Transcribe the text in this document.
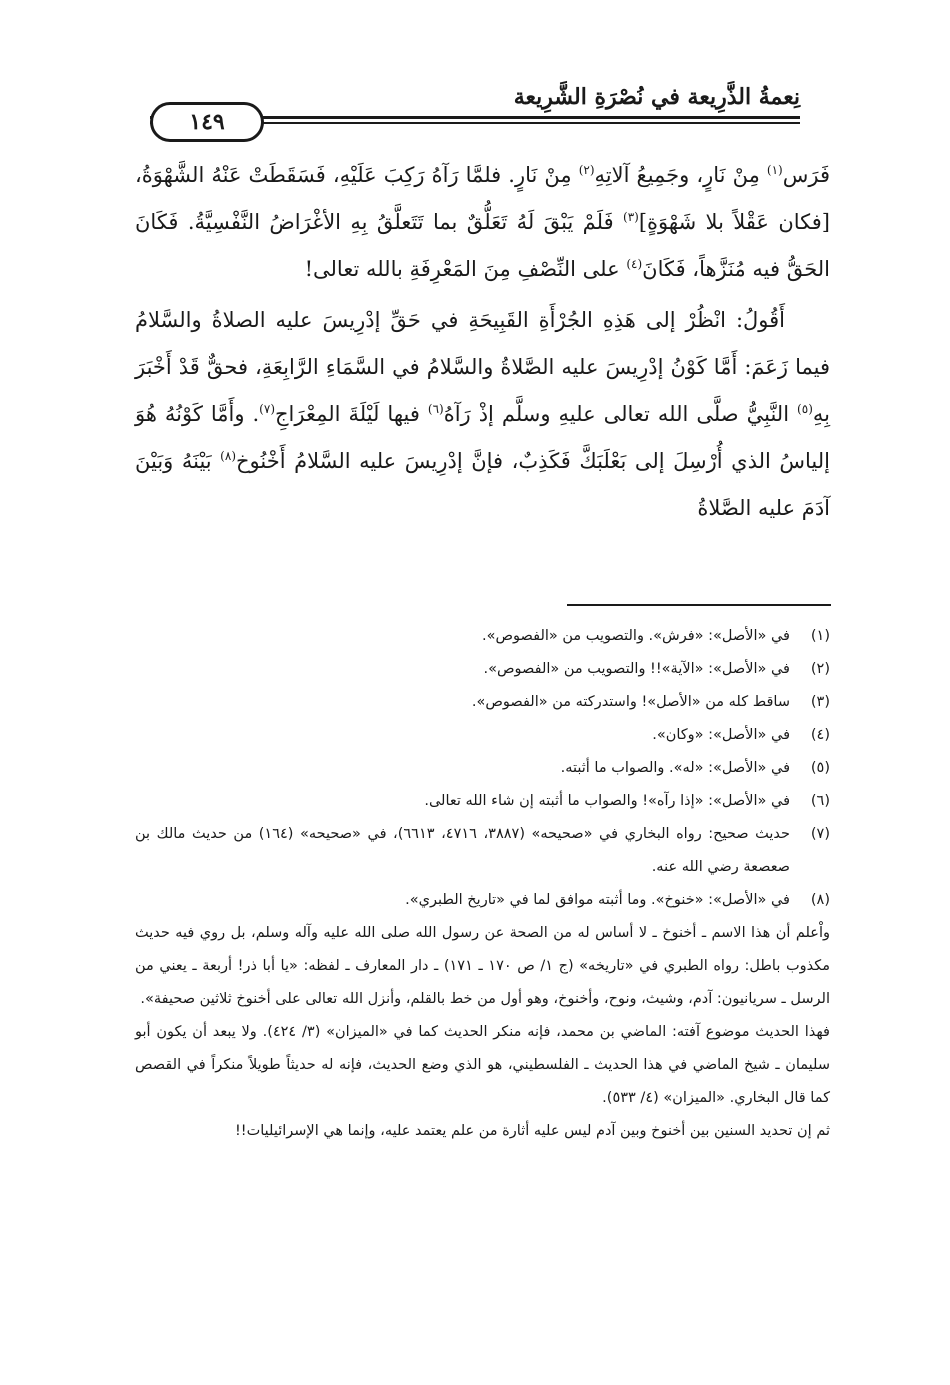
نِعمةُ الذَّرِيعة في نُصْرَةِ الشَّرِيعة
١٤٩

فَرَس$^{(١)}$ مِنْ نَارٍ، وجَمِيعُ آلاتِهِ$^{(٢)}$ مِنْ نَارٍ. فلمَّا رَآهُ رَكِبَ عَلَيْهِ، فَسَقَطَتْ عَنْهُ الشَّهْوَةُ، [فكان عَقْلاً بلا شَهْوَةٍ]$^{(٣)}$ فَلَمْ يَبْقَ لَهُ تَعَلُّقٌ بما تَتَعلَّقُ بِهِ الأغْرَاضُ النَّفْسِيَّةُ. فَكَانَ الحَقُّ فيه مُنَزَّهاً، فَكَانَ$^{(٤)}$ على النِّصْفِ مِنَ المَعْرِفَةِ بالله تعالى!

أَقُولُ: انْظُرْ إلى هَذِهِ الجُرْأَةِ القَبِيحَةِ في حَقِّ إدْرِيسَ عليه الصلاةُ والسَّلامُ فيما زَعَمَ: أَمَّا كَوْنُ إدْرِيسَ عليه الصَّلاةُ والسَّلامُ في السَّمَاءِ الرَّابِعَةِ، فحقٌّ قَدْ أَخْبَرَ بِهِ$^{(٥)}$ النَّبِيُّ صلَّى الله تعالى عليهِ وسلَّم إذْ رَآهُ$^{(٦)}$ فيها لَيْلَةَ المِعْرَاجِ$^{(٧)}$. وأَمَّا كَوْنُهُ هُوَ إلياسُ الذي أُرْسِلَ إلى بَعْلَبَكَّ فَكَذِبٌ، فإنَّ إدْرِيسَ عليه السَّلامُ أَخْنُوخ$^{(٨)}$ بَيْنَهُ وَبَيْنَ آدَمَ عليه الصَّلاةُ

(١)
في «الأصل»: «فرش». والتصويب من «الفصوص».
(٢)
في «الأصل»: «الآية»!! والتصويب من «الفصوص».
(٣)
ساقط كله من «الأصل»! واستدركته من «الفصوص».
(٤)
في «الأصل»: «وكان».
(٥)
في «الأصل»: «له». والصواب ما أثبته.
(٦)
في «الأصل»: «إذا رآه»! والصواب ما أثبته إن شاء الله تعالى.
(٧)
حديث صحيح: رواه البخاري في «صحيحه» (٣٨٨٧، ٤٧١٦، ٦٦١٣)، في «صحيحه» (١٦٤) من حديث مالك بن صعصعة رضي الله عنه.
(٨)
في «الأصل»: «خنوخ». وما أثبته موافق لما في «تاريخ الطبري».
واْعلم أن هذا الاسم ـ أخنوخ ـ لا أساس له من الصحة عن رسول الله صلى الله عليه وآله وسلم، بل روي فيه حديث مكذوب باطل: رواه الطبري في «تاريخه» (ج ١/ ص ١٧٠ ـ ١٧١) ـ دار المعارف ـ لفظه: «يا أبا ذر! أربعة ـ يعني من الرسل ـ سريانيون: آدم، وشيث، ونوح، وأخنوخ، وهو أول من خط بالقلم، وأنزل الله تعالى على أخنوخ ثلاثين صحيفة».
فهذا الحديث موضوع آفته: الماضي بن محمد، فإنه منكر الحديث كما في «الميزان» (٣/ ٤٢٤). ولا يبعد أن يكون أبو سليمان ـ شيخ الماضي في هذا الحديث ـ الفلسطيني، هو الذي وضع الحديث، فإنه له حديثاً طويلاً منكراً في القصص كما قال البخاري. «الميزان» (٤/ ٥٣٣).
ثم إن تحديد السنين بين أخنوخ وبين آدم ليس عليه أثارة من علم يعتمد عليه، وإنما هي الإسرائيليات!!
